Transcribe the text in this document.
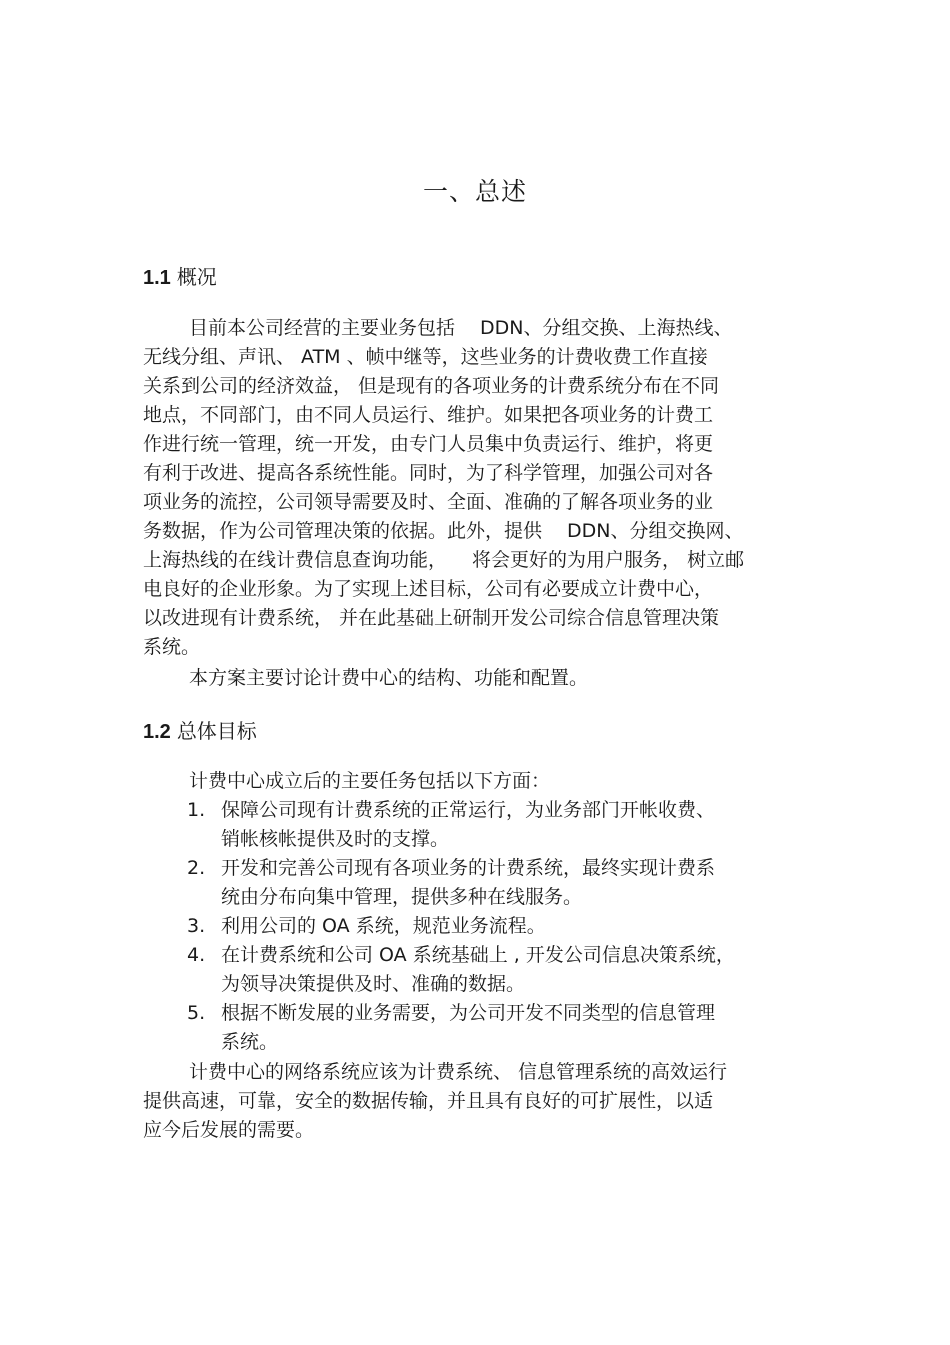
一、总述
1.1 概况
目前本公司经营的主要业务包括 　DDN、分组交换、上海热线、
无线分组、声讯、 ATM 、帧中继等，这些业务的计费收费工作直接
关系到公司的经济效益， 但是现有的各项业务的计费系统分布在不同
地点，不同部门，由不同人员运行、维护。如果把各项业务的计费工
作进行统一管理，统一开发，由专门人员集中负责运行、维护，将更
有利于改进、提高各系统性能。同时，为了科学管理，加强公司对各
项业务的流控，公司领导需要及时、全面、准确的了解各项业务的业
务数据，作为公司管理决策的依据。此外，提供 　DDN、分组交换网、
上海热线的在线计费信息查询功能， 　将会更好的为用户服务， 树立邮
电良好的企业形象。为了实现上述目标，公司有必要成立计费中心，
以改进现有计费系统， 并在此基础上研制开发公司综合信息管理决策
系统。
本方案主要讨论计费中心的结构、功能和配置。
1.2 总体目标
计费中心成立后的主要任务包括以下方面：
1. 保障公司现有计费系统的正常运行，为业务部门开帐收费、
销帐核帐提供及时的支撑。
2. 开发和完善公司现有各项业务的计费系统，最终实现计费系
统由分布向集中管理，提供多种在线服务。
3. 利用公司的 OA 系统，规范业务流程。
4. 在计费系统和公司 OA 系统基础上 , 开发公司信息决策系统，
为领导决策提供及时、准确的数据。
5. 根据不断发展的业务需要，为公司开发不同类型的信息管理
系统。
计费中心的网络系统应该为计费系统、 信息管理系统的高效运行
提供高速，可靠，安全的数据传输，并且具有良好的可扩展性，以适
应今后发展的需要。
